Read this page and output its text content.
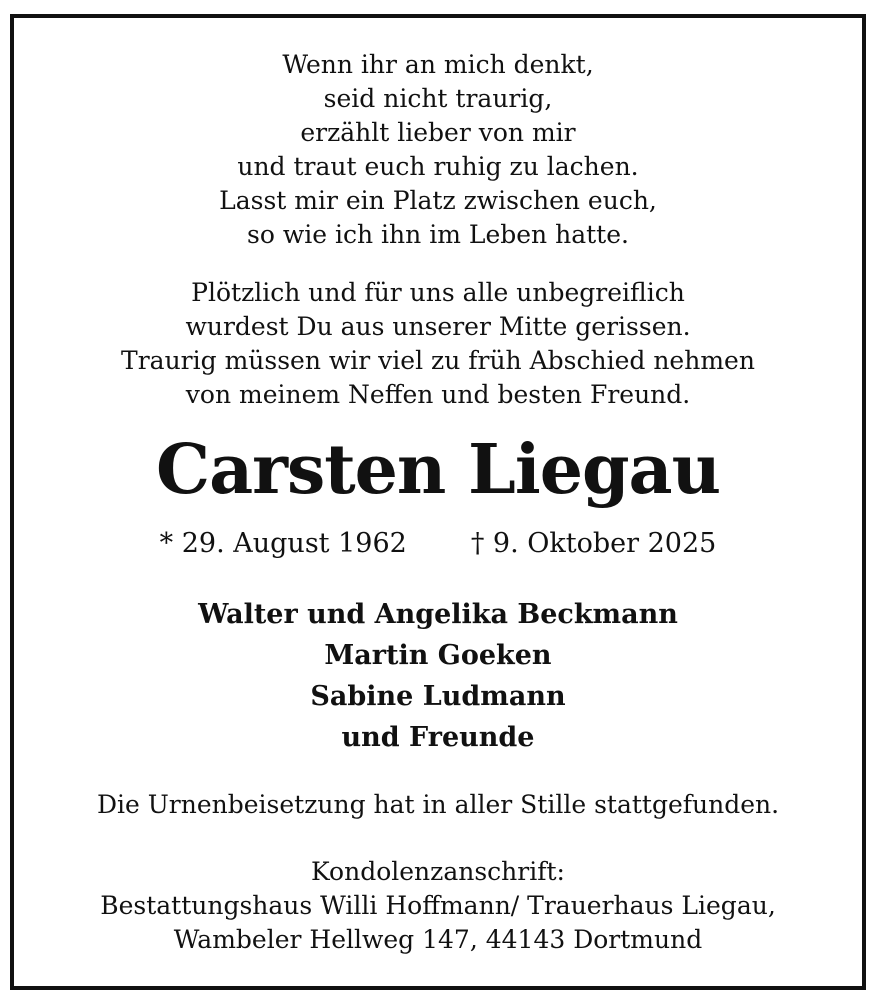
Wenn ihr an mich denkt,
seid nicht traurig,
erzählt lieber von mir
und traut euch ruhig zu lachen.
Lasst mir ein Platz zwischen euch,
so wie ich ihn im Leben hatte.
Plötzlich und für uns alle unbegreiflich
wurdest Du aus unserer Mitte gerissen.
Traurig müssen wir viel zu früh Abschied nehmen
von meinem Neffen und besten Freund.
Carsten Liegau
* 29. August 1962 † 9. Oktober 2025
Walter und Angelika Beckmann
Martin Goeken
Sabine Ludmann
und Freunde
Die Urnenbeisetzung hat in aller Stille stattgefunden.
Kondolenzanschrift:
Bestattungshaus Willi Hoffmann/ Trauerhaus Liegau,
Wambeler Hellweg 147, 44143 Dortmund
